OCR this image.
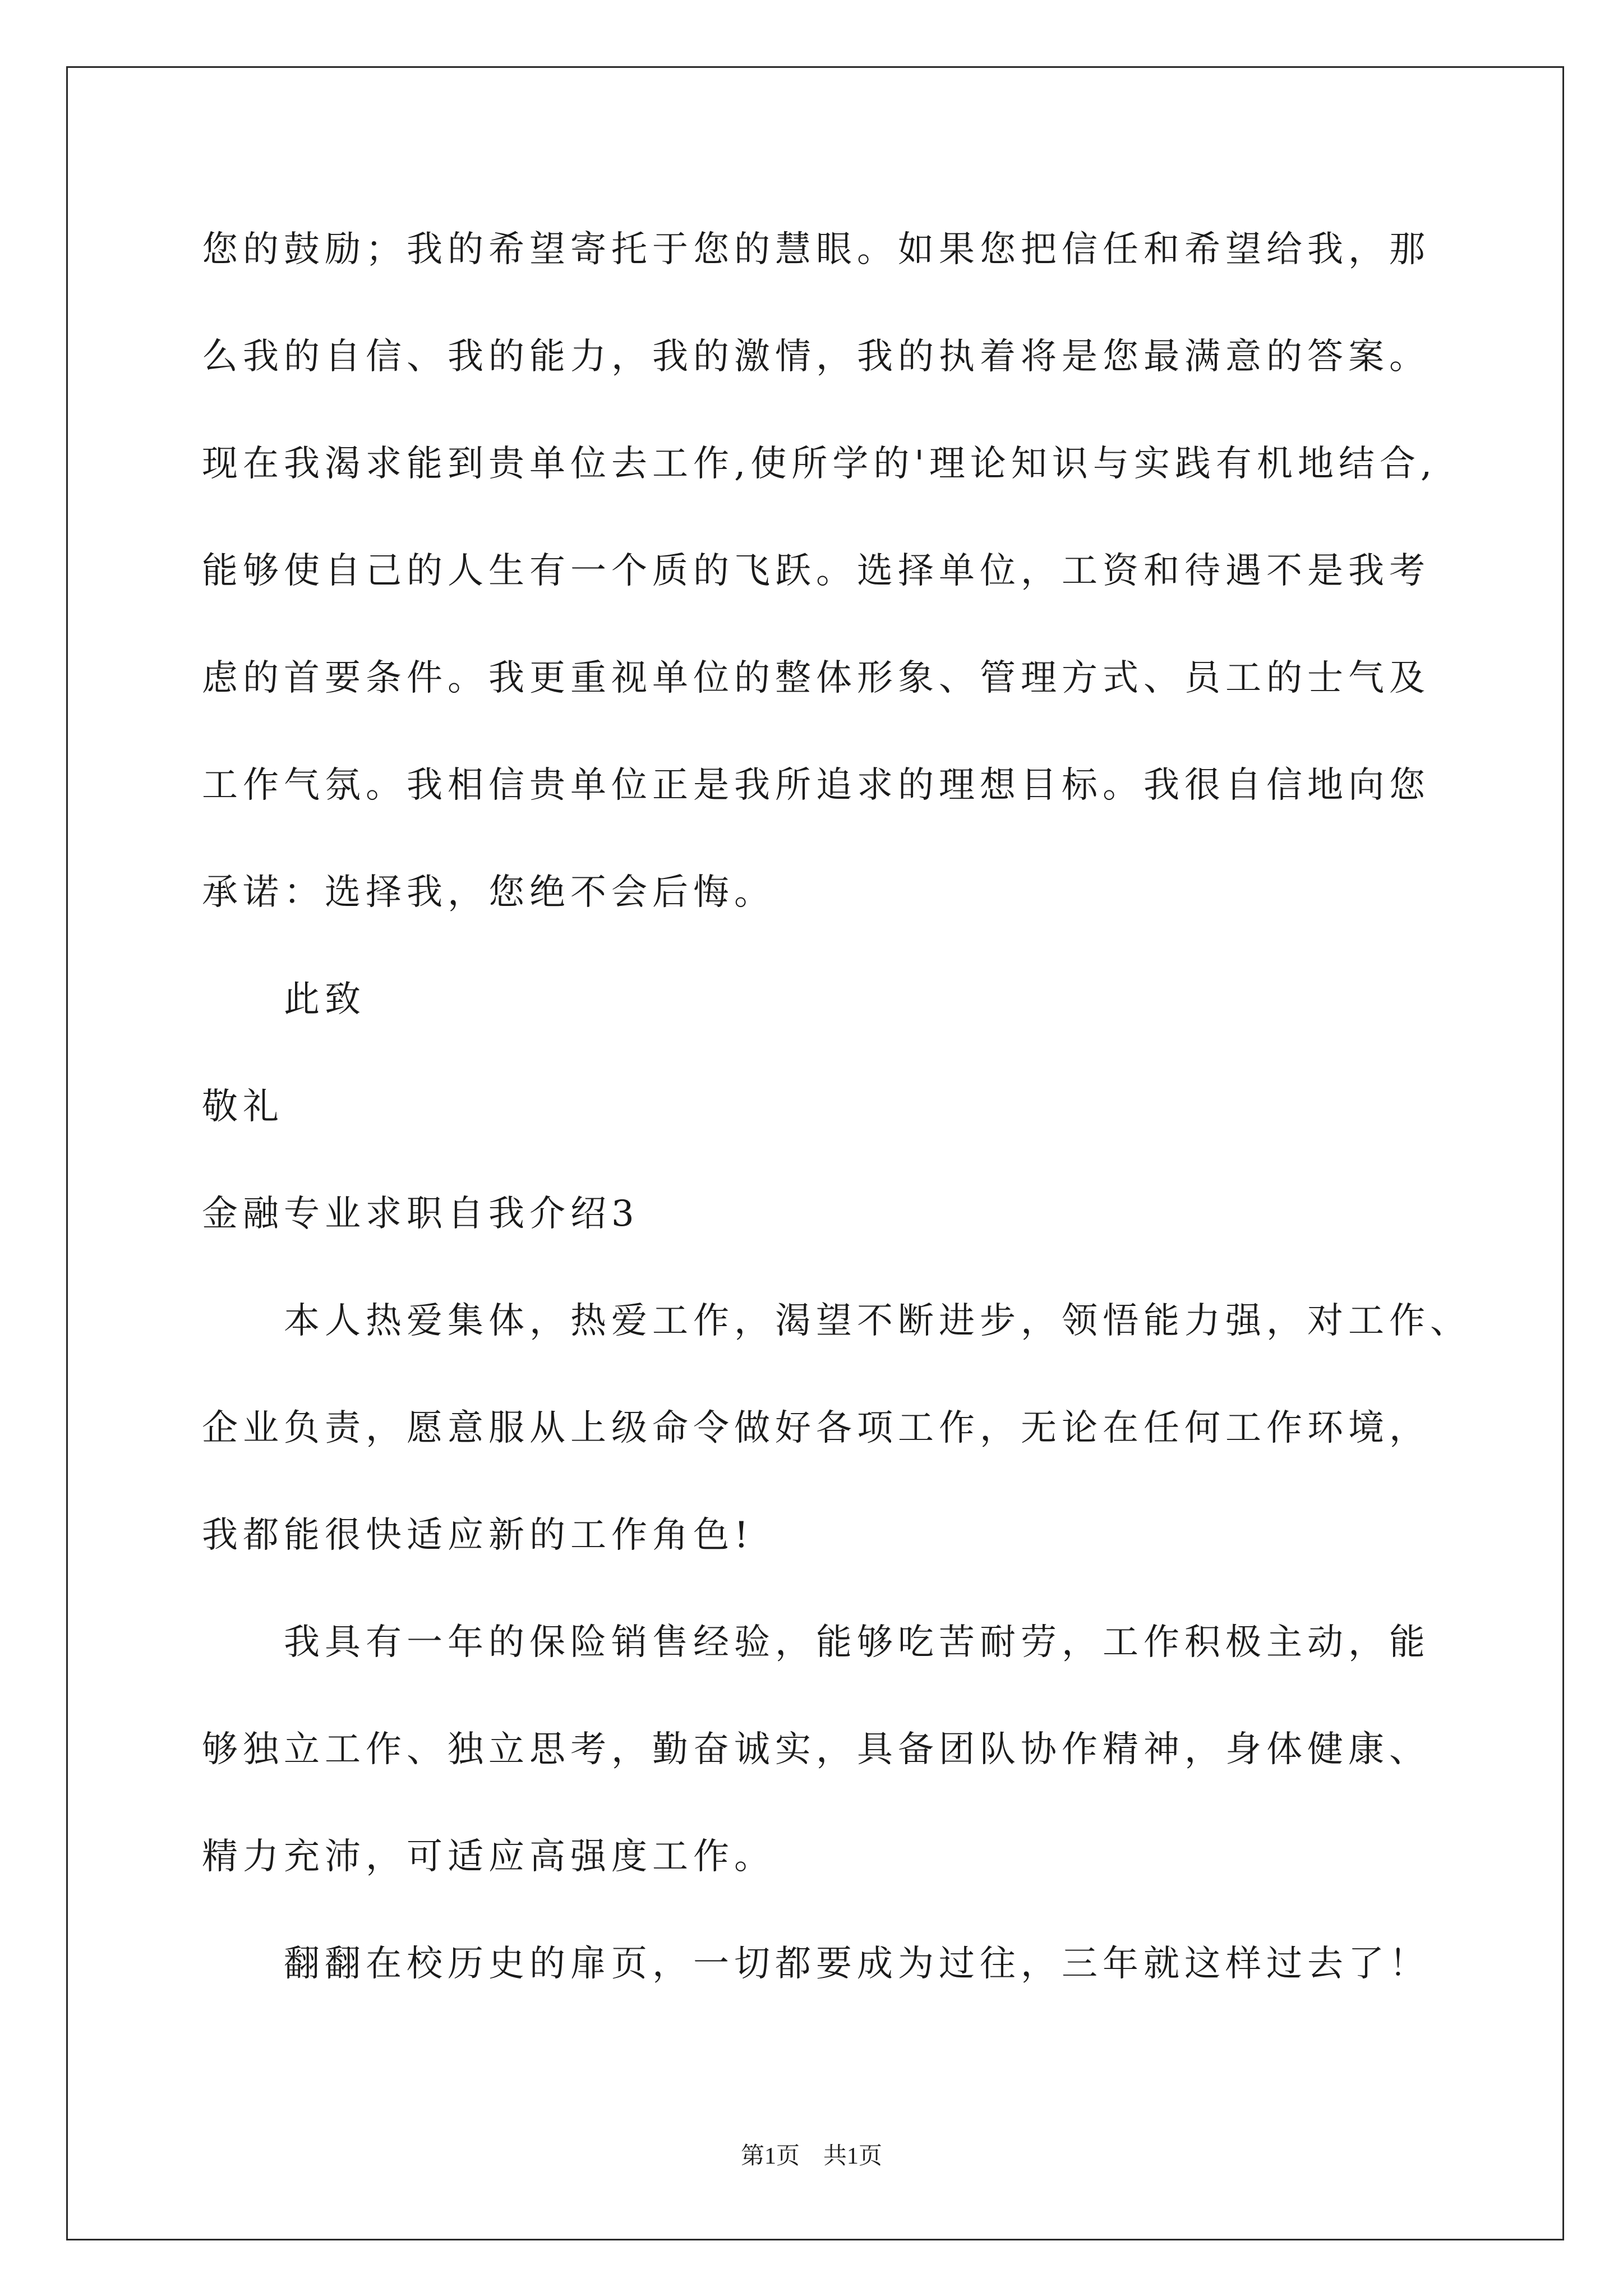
您的鼓励；我的希望寄托于您的慧眼。如果您把信任和希望给我，那
么我的自信、我的能力，我的激情，我的执着将是您最满意的答案。
现在我渴求能到贵单位去工作,使所学的'理论知识与实践有机地结合,
能够使自己的人生有一个质的飞跃。选择单位，工资和待遇不是我考
虑的首要条件。我更重视单位的整体形象、管理方式、员工的士气及
工作气氛。我相信贵单位正是我所追求的理想目标。我很自信地向您
承诺：选择我，您绝不会后悔。
此致
敬礼
金融专业求职自我介绍3
本人热爱集体，热爱工作，渴望不断进步，领悟能力强，对工作、
企业负责，愿意服从上级命令做好各项工作，无论在任何工作环境，
我都能很快适应新的工作角色!
我具有一年的保险销售经验，能够吃苦耐劳，工作积极主动，能
够独立工作、独立思考，勤奋诚实，具备团队协作精神，身体健康、
精力充沛，可适应高强度工作。
翻翻在校历史的扉页，一切都要成为过往，三年就这样过去了！
第1页　共1页
